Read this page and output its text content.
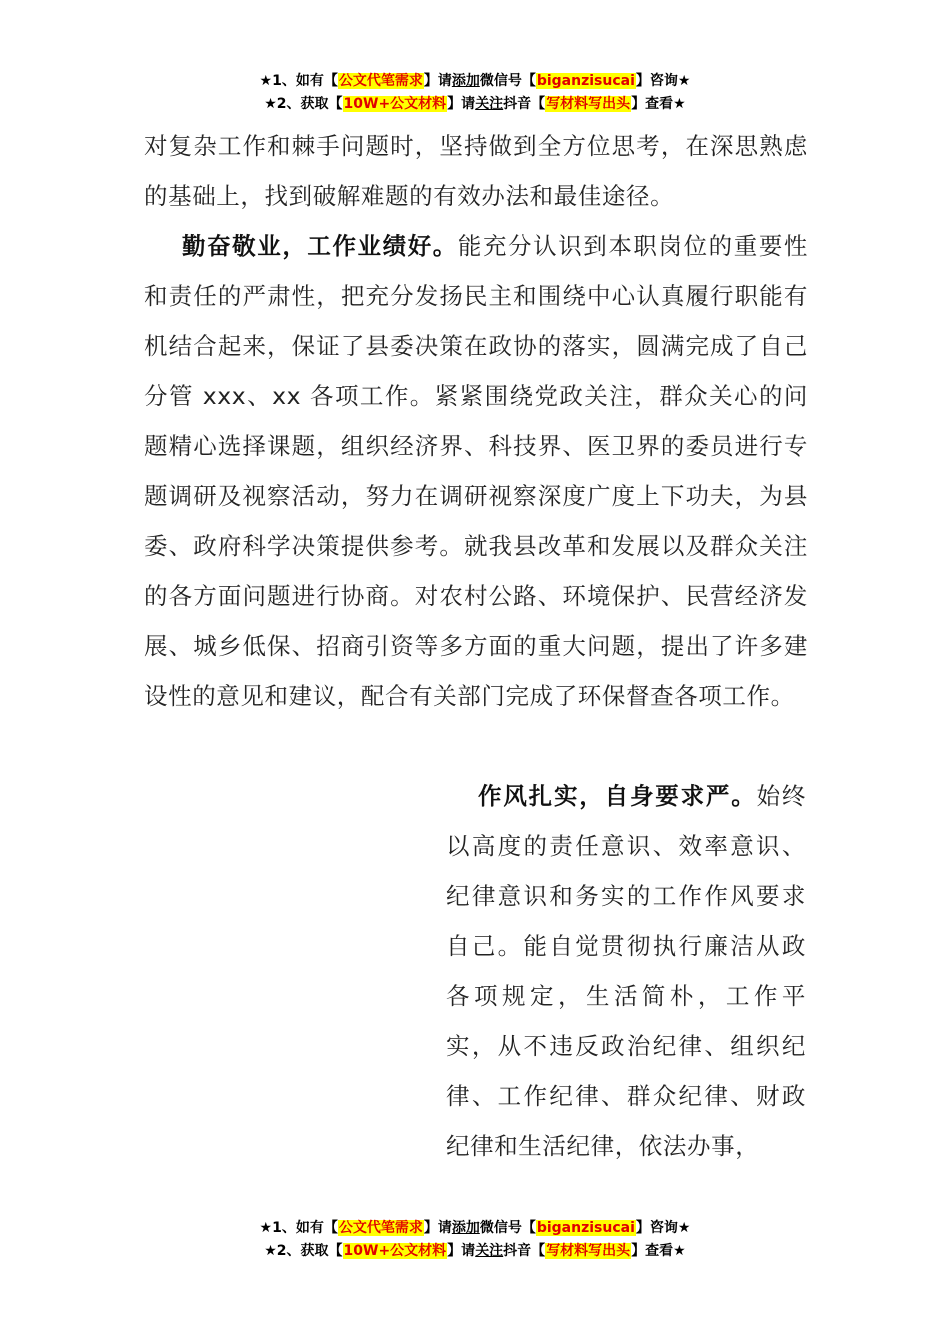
★1、如有【公文代笔需求】请添加微信号【biganzisucai】咨询★
★2、获取【10W+公文材料】请关注抖音【写材料写出头】查看★

对复杂工作和棘手问题时，坚持做到全方位思考，在深思熟虑的基础上，找到破解难题的有效办法和最佳途径。

勤奋敬业，工作业绩好。能充分认识到本职岗位的重要性和责任的严肃性，把充分发扬民主和围绕中心认真履行职能有机结合起来，保证了县委决策在政协的落实，圆满完成了自己分管 xxx、xx 各项工作。紧紧围绕党政关注，群众关心的问题精心选择课题，组织经济界、科技界、医卫界的委员进行专题调研及视察活动，努力在调研视察深度广度上下功夫，为县委、政府科学决策提供参考。就我县改革和发展以及群众关注的各方面问题进行协商。对农村公路、环境保护、民营经济发展、城乡低保、招商引资等多方面的重大问题，提出了许多建设性的意见和建议，配合有关部门完成了环保督查各项工作。

作风扎实，自身要求严。始终以高度的责任意识、效率意识、纪律意识和务实的工作作风要求自己。能自觉贯彻执行廉洁从政各项规定，生活简朴，工作平实，从不违反政治纪律、组织纪律、工作纪律、群众纪律、财政纪律和生活纪律，依法办事，

★1、如有【公文代笔需求】请添加微信号【biganzisucai】咨询★
★2、获取【10W+公文材料】请关注抖音【写材料写出头】查看★
